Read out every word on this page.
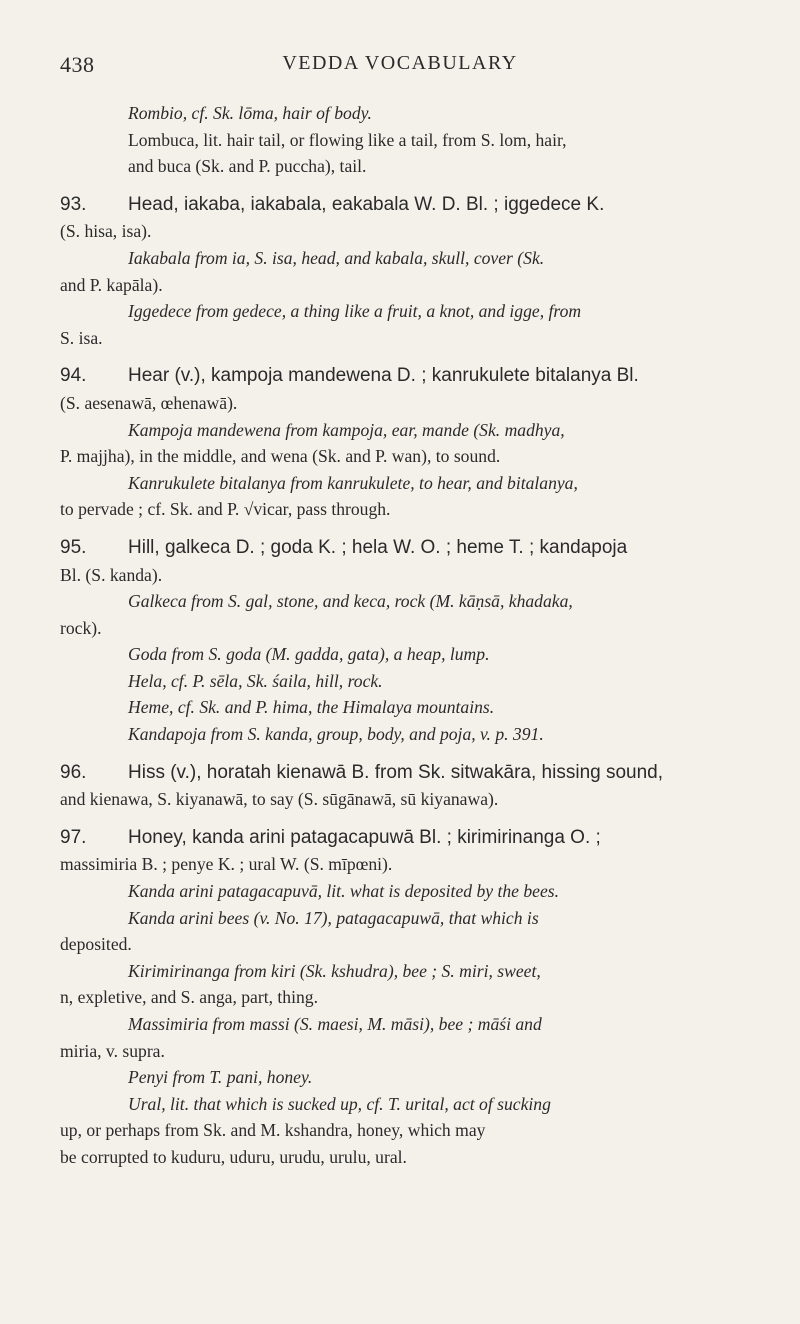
438	VEDDA VOCABULARY
Rombio, cf. Sk. lōma, hair of body.
Lombuca, lit. hair tail, or flowing like a tail, from S. lom, hair,
and buca (Sk. and P. puccha), tail.
93. Head, iakaba, iakabala, eakabala W. D. Bl. ; iggedece K.
(S. hisa, isa).
Iakabala from ia, S. isa, head, and kabala, skull, cover (Sk.
and P. kapāla).
Iggedece from gedece, a thing like a fruit, a knot, and igge, from
S. isa.
94. Hear (v.), kampoja mandewena D. ; kanrukulete bitalanya Bl.
(S. aesenawā, œhenawā).
Kampoja mandewena from kampoja, ear, mande (Sk. madhya,
P. majjha), in the middle, and wena (Sk. and P. wan), to sound.
Kanrukulete bitalanya from kanrukulete, to hear, and bitalanya,
to pervade ; cf. Sk. and P. √vicar, pass through.
95. Hill, galkeca D. ; goda K. ; hela W. O. ; heme T. ; kandapoja
Bl. (S. kanda).
Galkeca from S. gal, stone, and keca, rock (M. kāṇsā, khadaka,
rock).
Goda from S. goda (M. gadda, gata), a heap, lump.
Hela, cf. P. sēla, Sk. śaila, hill, rock.
Heme, cf. Sk. and P. hima, the Himalaya mountains.
Kandapoja from S. kanda, group, body, and poja, v. p. 391.
96. Hiss (v.), horatah kienawā B. from Sk. sitwakāra, hissing sound,
and kienawa, S. kiyanawā, to say (S. sūgānawā, sū kiyanawa).
97. Honey, kanda arini patagacapuwā Bl. ; kirimirinanga O. ;
massimiria B. ; penye K. ; ural W. (S. mīpœni).
Kanda arini patagacapuvā, lit. what is deposited by the bees.
Kanda arini bees (v. No. 17), patagacapuwā, that which is
deposited.
Kirimirinanga from kiri (Sk. kshudra), bee ; S. miri, sweet,
n, expletive, and S. anga, part, thing.
Massimiria from massi (S. maesi, M. māsi), bee ; māśi and
miria, v. supra.
Penyi from T. pani, honey.
Ural, lit. that which is sucked up, cf. T. urital, act of sucking
up, or perhaps from Sk. and M. kshandra, honey, which may
be corrupted to kuduru, uduru, urudu, urulu, ural.
